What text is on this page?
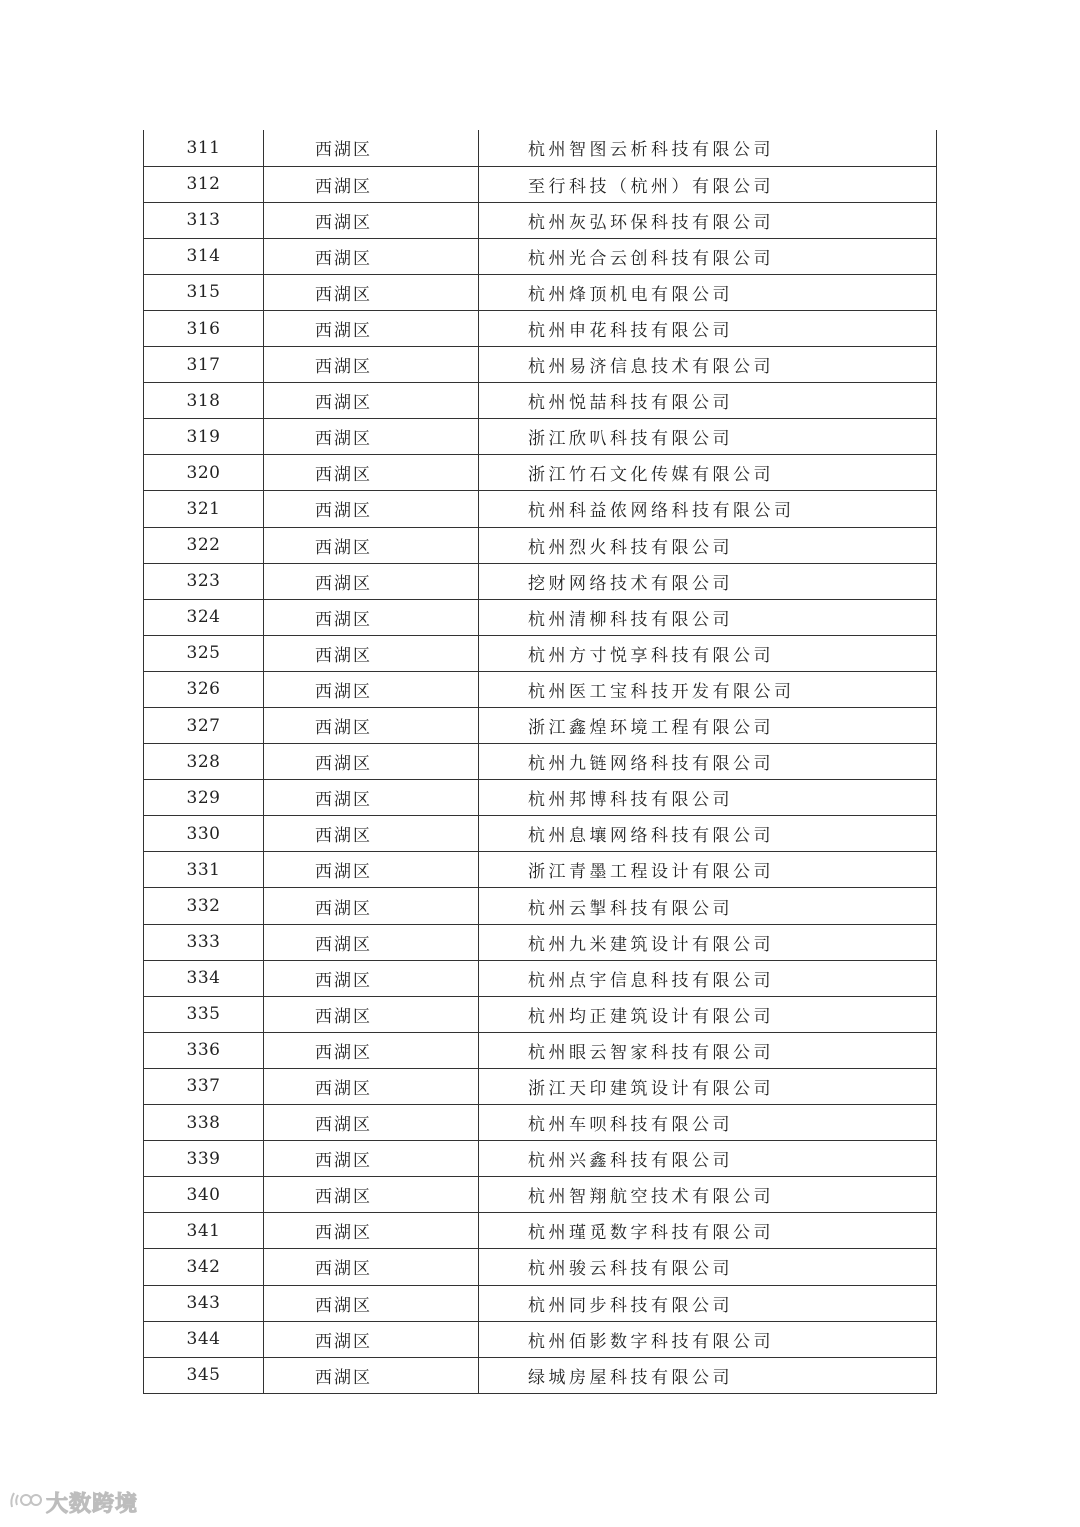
311	西湖区	杭州智图云析科技有限公司
312	西湖区	至行科技（杭州）有限公司
313	西湖区	杭州灰弘环保科技有限公司
314	西湖区	杭州光合云创科技有限公司
315	西湖区	杭州烽顶机电有限公司
316	西湖区	杭州申花科技有限公司
317	西湖区	杭州易济信息技术有限公司
318	西湖区	杭州悦喆科技有限公司
319	西湖区	浙江欣叭科技有限公司
320	西湖区	浙江竹石文化传媒有限公司
321	西湖区	杭州科益侬网络科技有限公司
322	西湖区	杭州烈火科技有限公司
323	西湖区	挖财网络技术有限公司
324	西湖区	杭州清柳科技有限公司
325	西湖区	杭州方寸悦享科技有限公司
326	西湖区	杭州医工宝科技开发有限公司
327	西湖区	浙江鑫煌环境工程有限公司
328	西湖区	杭州九链网络科技有限公司
329	西湖区	杭州邦博科技有限公司
330	西湖区	杭州息壤网络科技有限公司
331	西湖区	浙江青墨工程设计有限公司
332	西湖区	杭州云掣科技有限公司
333	西湖区	杭州九米建筑设计有限公司
334	西湖区	杭州点宇信息科技有限公司
335	西湖区	杭州均正建筑设计有限公司
336	西湖区	杭州眼云智家科技有限公司
337	西湖区	浙江天印建筑设计有限公司
338	西湖区	杭州车呗科技有限公司
339	西湖区	杭州兴鑫科技有限公司
340	西湖区	杭州智翔航空技术有限公司
341	西湖区	杭州瑾觅数字科技有限公司
342	西湖区	杭州骏云科技有限公司
343	西湖区	杭州同步科技有限公司
344	西湖区	杭州佰影数字科技有限公司
345	西湖区	绿城房屋科技有限公司
大数跨境
